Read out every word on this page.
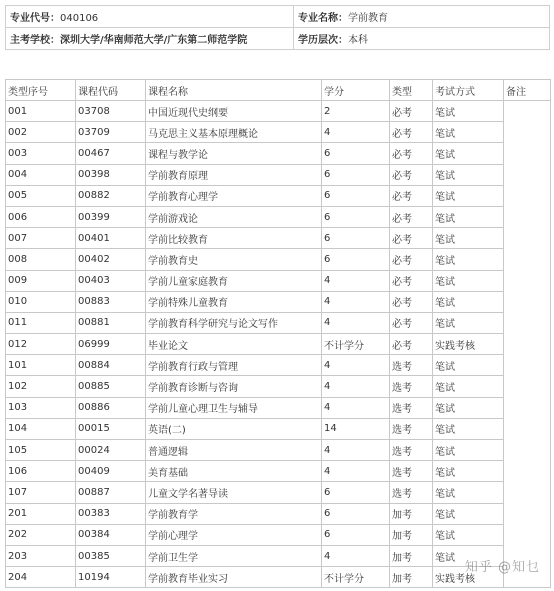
专业代号：040106	专业名称：学前教育
主考学校：深圳大学/华南师范大学/广东第二师范学院	学历层次：本科
类型序号	课程代码	课程名称	学分	类型	考试方式	备注
001	03708	中国近现代史纲要	2	必考	笔试	
002	03709	马克思主义基本原理概论	4	必考	笔试	
003	00467	课程与教学论	6	必考	笔试	
004	00398	学前教育原理	6	必考	笔试	
005	00882	学前教育心理学	6	必考	笔试	
006	00399	学前游戏论	6	必考	笔试	
007	00401	学前比较教育	6	必考	笔试	
008	00402	学前教育史	6	必考	笔试	
009	00403	学前儿童家庭教育	4	必考	笔试	
010	00883	学前特殊儿童教育	4	必考	笔试	
011	00881	学前教育科学研究与论文写作	4	必考	笔试	
012	06999	毕业论文	不计学分	必考	实践考核	
101	00884	学前教育行政与管理	4	选考	笔试	
102	00885	学前教育诊断与咨询	4	选考	笔试	
103	00886	学前儿童心理卫生与辅导	4	选考	笔试	
104	00015	英语(二)	14	选考	笔试	
105	00024	普通逻辑	4	选考	笔试	
106	00409	美育基础	4	选考	笔试	
107	00887	儿童文学名著导读	6	选考	笔试	
201	00383	学前教育学	6	加考	笔试	
202	00384	学前心理学	6	加考	笔试	
203	00385	学前卫生学	4	加考	笔试	
204	10194	学前教育毕业实习	不计学分	加考	实践考核	
知乎 @知乜
